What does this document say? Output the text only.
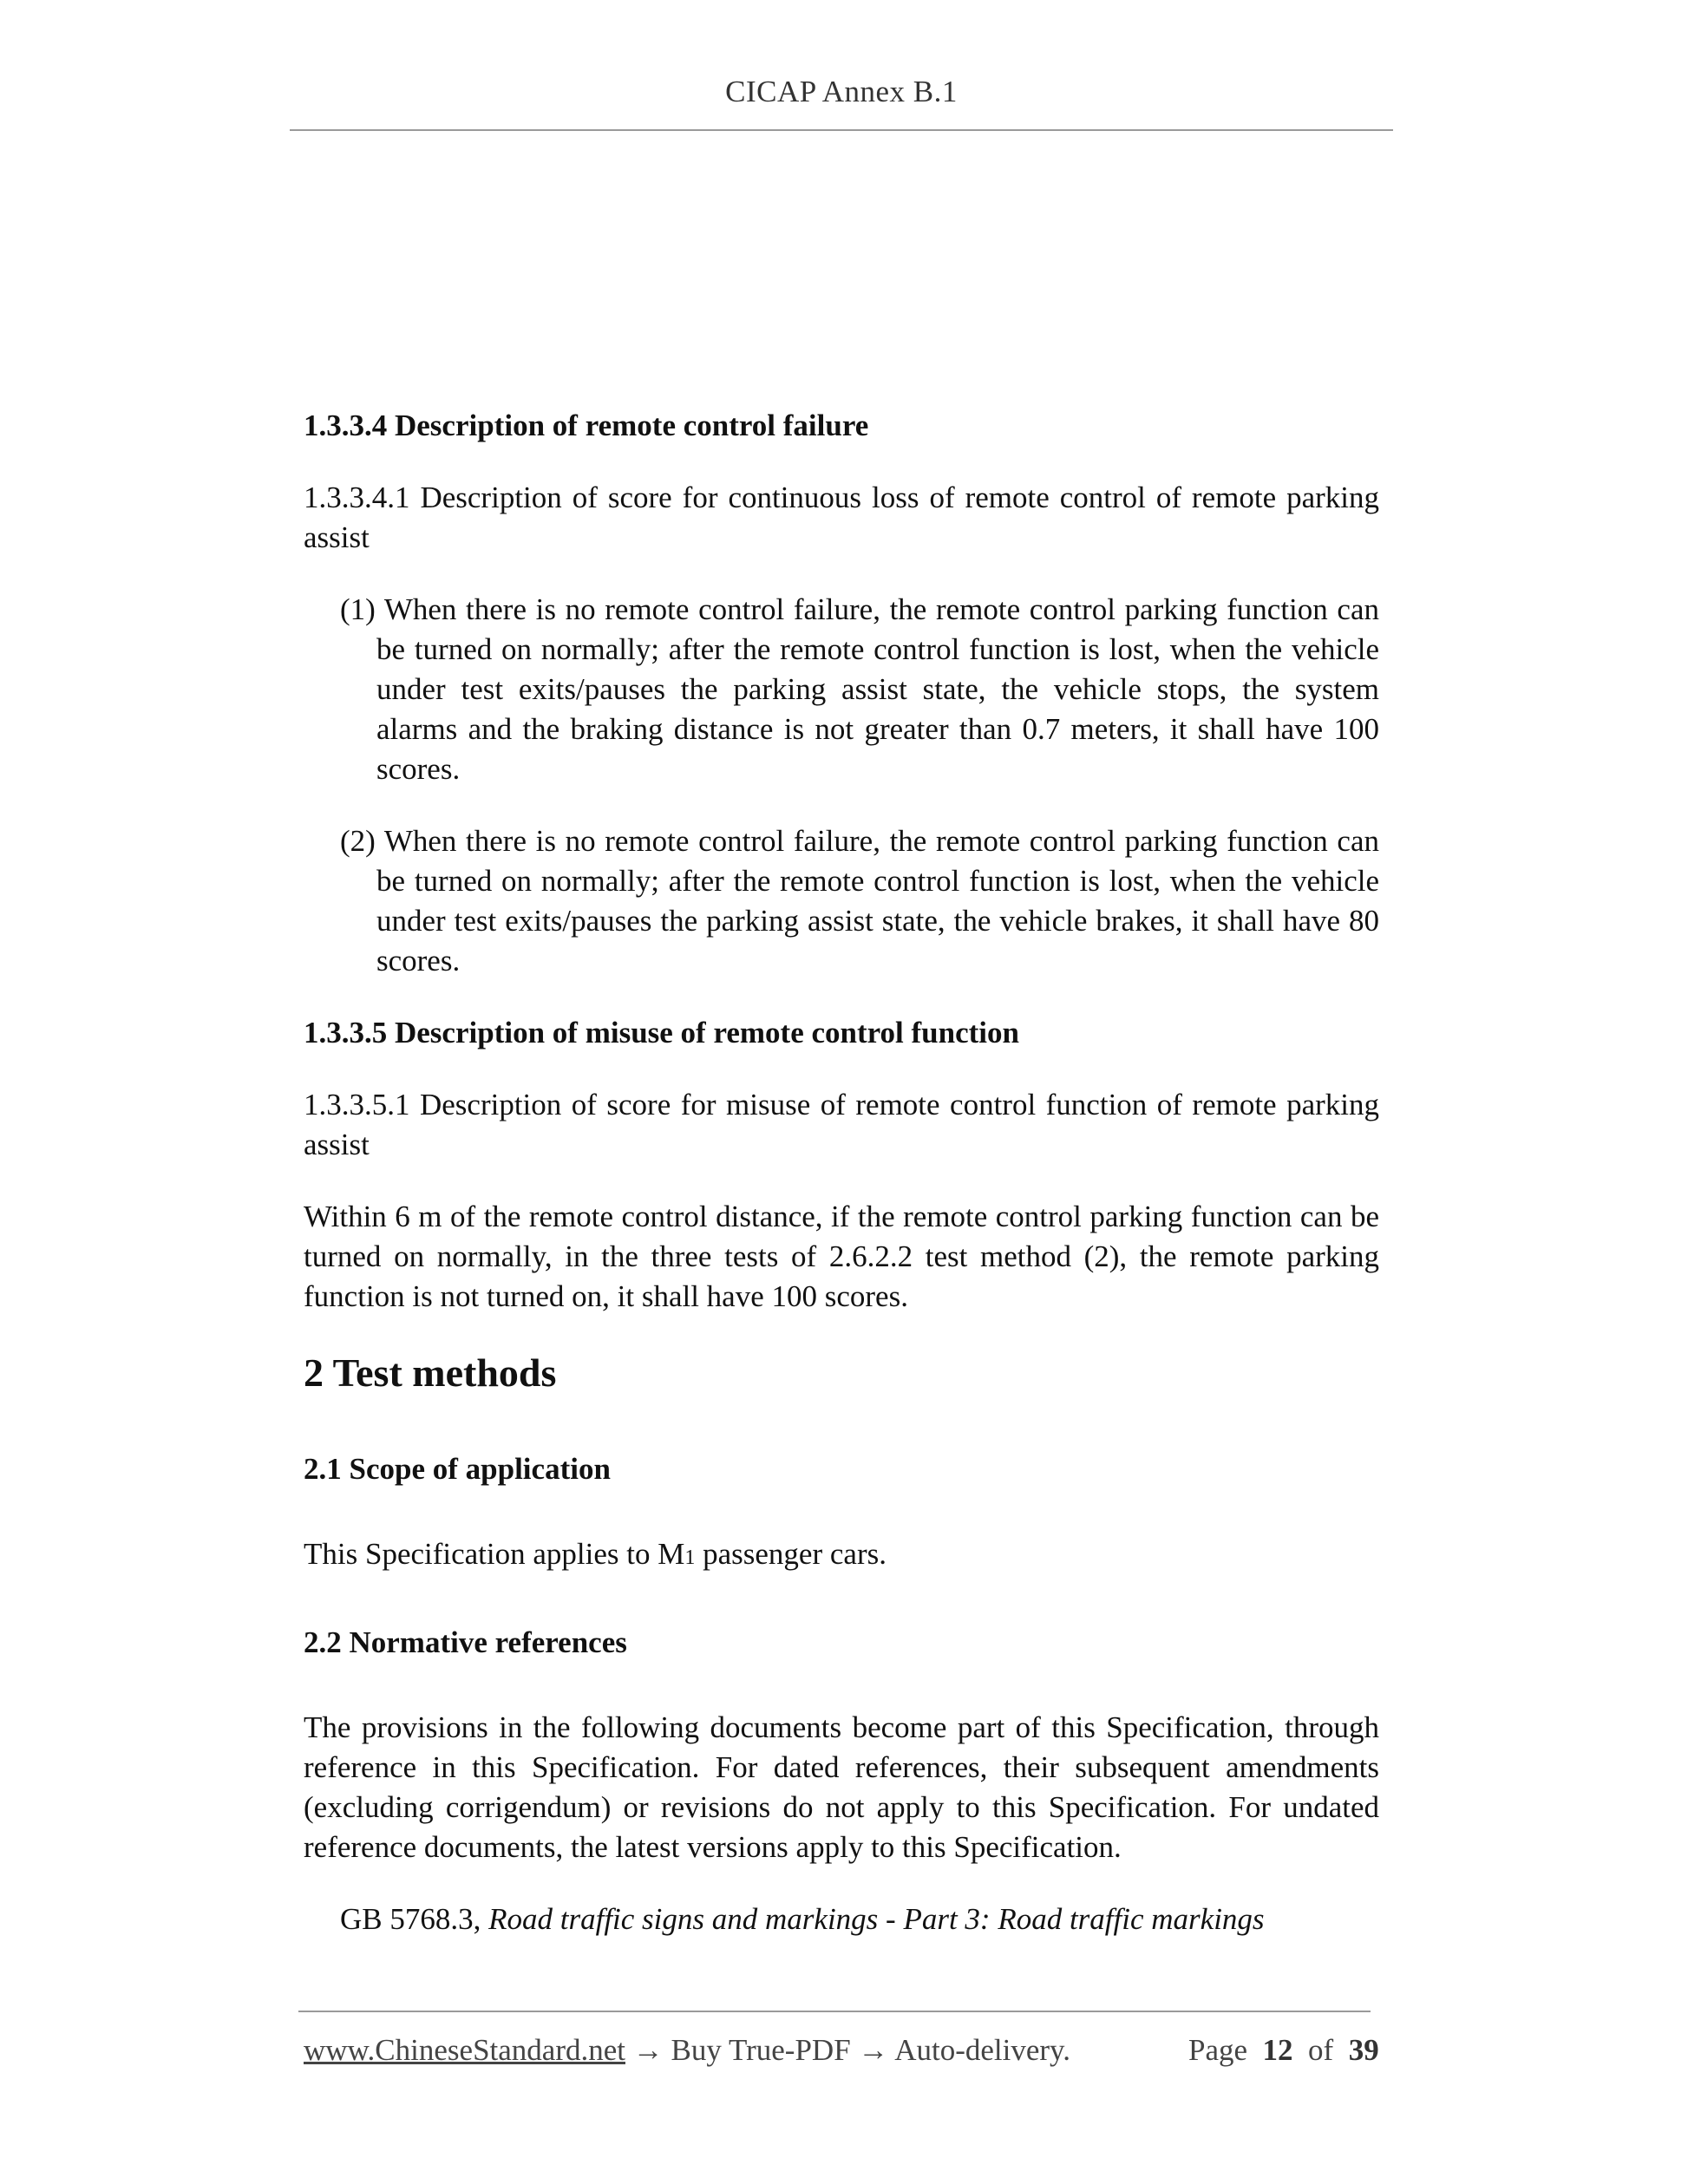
CICAP Annex B.1
1.3.3.4 Description of remote control failure
1.3.3.4.1 Description of score for continuous loss of remote control of remote parking assist
(1) When there is no remote control failure, the remote control parking function can be turned on normally; after the remote control function is lost, when the vehicle under test exits/pauses the parking assist state, the vehicle stops, the system alarms and the braking distance is not greater than 0.7 meters, it shall have 100 scores.
(2) When there is no remote control failure, the remote control parking function can be turned on normally; after the remote control function is lost, when the vehicle under test exits/pauses the parking assist state, the vehicle brakes, it shall have 80 scores.
1.3.3.5 Description of misuse of remote control function
1.3.3.5.1 Description of score for misuse of remote control function of remote parking assist
Within 6 m of the remote control distance, if the remote control parking function can be turned on normally, in the three tests of 2.6.2.2 test method (2), the remote parking function is not turned on, it shall have 100 scores.
2 Test methods
2.1 Scope of application
This Specification applies to M1 passenger cars.
2.2 Normative references
The provisions in the following documents become part of this Specification, through reference in this Specification. For dated references, their subsequent amendments (excluding corrigendum) or revisions do not apply to this Specification. For undated reference documents, the latest versions apply to this Specification.
GB 5768.3, Road traffic signs and markings - Part 3: Road traffic markings
www.ChineseStandard.net → Buy True-PDF → Auto-delivery.	Page 12 of 39
